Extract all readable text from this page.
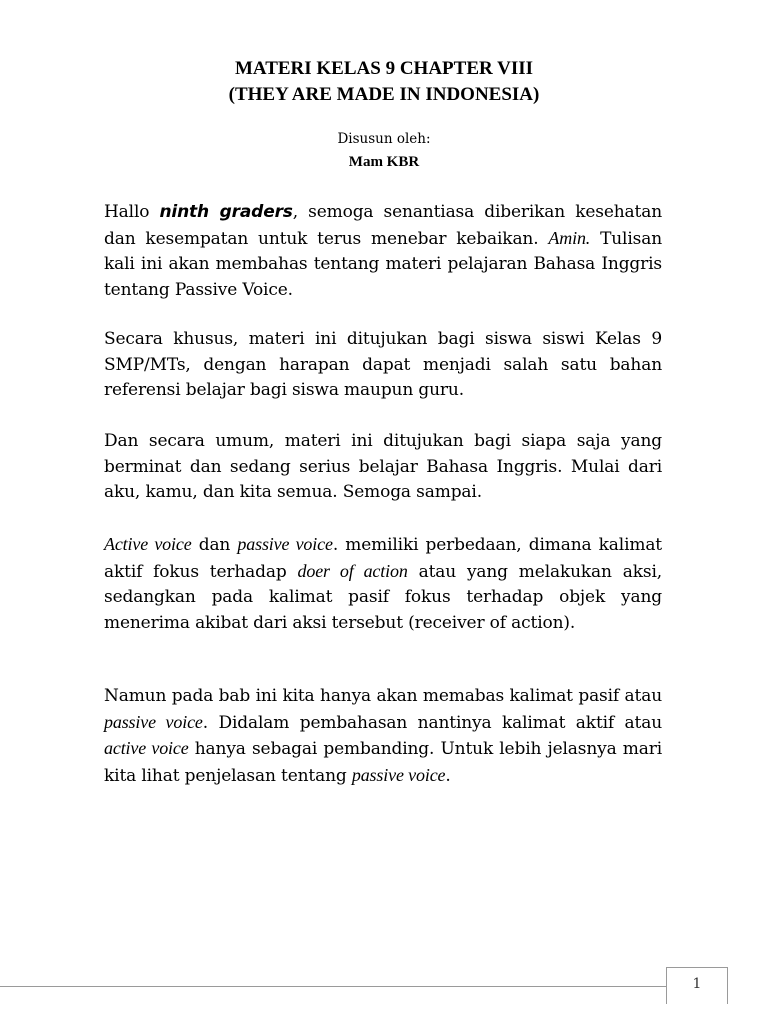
MATERI KELAS 9 CHAPTER VIII
(THEY ARE MADE IN INDONESIA)
Disusun oleh:
Mam KBR
Hallo ninth graders, semoga senantiasa diberikan kesehatan dan kesempatan untuk terus menebar kebaikan. Amin. Tulisan kali ini akan membahas tentang materi pelajaran Bahasa Inggris tentang Passive Voice.
Secara khusus, materi ini ditujukan bagi siswa siswi Kelas 9 SMP/MTs, dengan harapan dapat menjadi salah satu bahan referensi belajar bagi siswa maupun guru.
Dan secara umum, materi ini ditujukan bagi siapa saja yang berminat dan sedang serius belajar Bahasa Inggris. Mulai dari aku, kamu, dan kita semua. Semoga sampai.
Active voice dan passive voice. memiliki perbedaan, dimana kalimat aktif fokus terhadap doer of action atau yang melakukan aksi, sedangkan pada kalimat pasif fokus terhadap objek yang menerima akibat dari aksi tersebut (receiver of action).
Namun pada bab ini kita hanya akan memabas kalimat pasif atau passive voice. Didalam pembahasan nantinya kalimat aktif atau active voice hanya sebagai pembanding. Untuk lebih jelasnya mari kita lihat penjelasan tentang passive voice.
1
